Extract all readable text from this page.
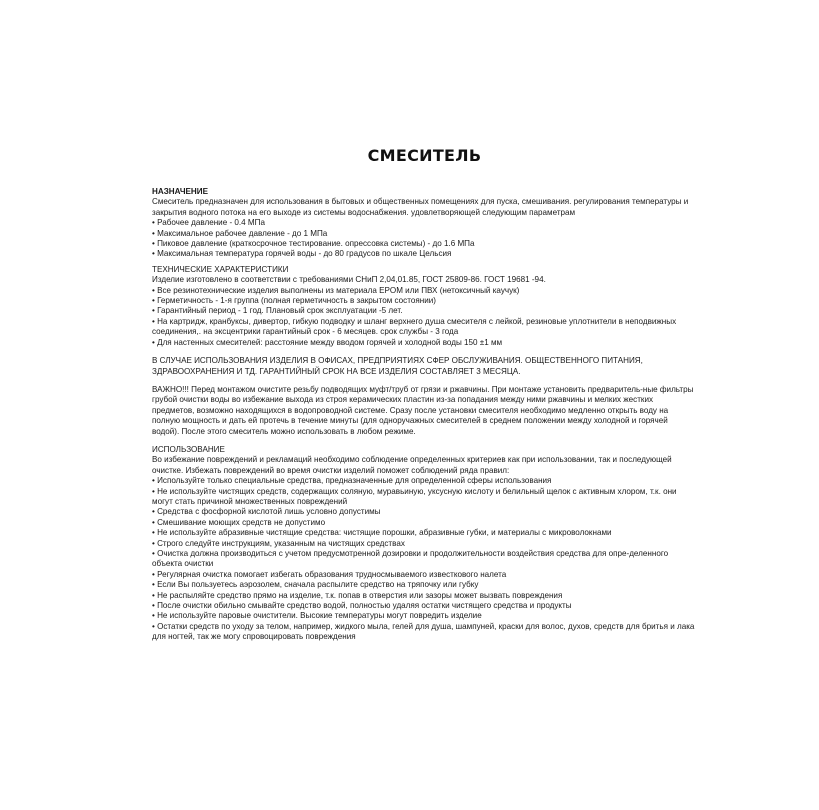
СМЕСИТЕЛЬ
НАЗНАЧЕНИЕ

Смеситель предназначен для использования в бытовых и общественных помещениях для пуска, смешивания. регулирования температуры и закрытия водного потока на его выходе из системы водоснабжения. удовлетворяющей следующим параметрам

• Рабочее давление - 0.4 МПа
• Максимальное рабочее давление - до 1 МПа
• Пиковое давление (краткосрочное тестирование. опрессовка системы) - до 1.6 МПа
• Максимальная температура горячей воды - до 80 градусов по шкале Цельсия
ТЕХНИЧЕСКИЕ ХАРАКТЕРИСТИКИ

Изделие изготовлено в соответствии с требованиями СНиП 2,04,01.85, ГОСТ 25809-86. ГОСТ 19681 -94.

• Все резинотехнические изделия выполнены из материала EPOM или ПВХ (нетоксичный каучук)
• Герметичность - 1-я группа (полная герметичность в закрытом состоянии)
• Гарантийный период - 1 год. Плановый срок эксплуатации -5 лет.
• На картридж, кранбуксы, дивертор, гибкую подводку и шланг верхнего душа смесителя с лейкой, резиновые уплотнители в неподвижных соединения,. на эксцентрики гарантийный срок - 6 месяцев. срок службы - 3 года
• Для настенных смесителей: расстояние между вводом горячей и холодной воды 150 ±1 мм

В СЛУЧАЕ ИСПОЛЬЗОВАНИЯ ИЗДЕЛИЯ В ОФИСАХ, ПРЕДПРИЯТИЯХ СФЕР ОБСЛУЖИВАНИЯ. ОБЩЕСТВЕННОГО ПИТАНИЯ, ЗДРАВООХРАНЕНИЯ И ТД. ГАРАНТИЙНЫЙ СРОК НА ВСЕ ИЗДЕЛИЯ СОСТАВЛЯЕТ 3 МЕСЯЦА.

ВАЖНО!!! Перед монтажом очистите резьбу подводящих муфт/труб от грязи и ржавчины. При монтаже установить предваритель-ные фильтры грубой очистки воды во избежание выхода из строя керамических пластин из-за попадания между ними ржавчины и мелких жестких предметов, возможно находящихся в водопроводной системе. Сразу после установки смесителя необходимо медленно открыть воду на полную мощность и дать ей протечь в течение минуты (для одноручажных смесителей в среднем положении между холодной и горячей водой). После этого смеситель можно использовать в любом режиме.

ИСПОЛЬЗОВАНИЕ

Во избежание повреждений и рекламаций необходимо соблюдение определенных критериев как при использовании, так и последующей очистке. Избежать повреждений во время очистки изделий поможет соблюдений ряда правил:

• Используйте только специальные средства, предназначенные для определенной сферы использования
• Не используйте чистящих средств, содержащих соляную, муравьиную, уксусную кислоту и белильный щелок с активным хлором, т.к. они могут стать причиной множественных повреждений
• Средства с фосфорной кислотой лишь условно допустимы
• Смешивание моющих средств не допустимо
• Не используйте абразивные чистящие средства: чистящие порошки, абразивные губки, и материалы с микроволокнами
• Строго следуйте инструкциям, указанным на чистящих средствах
• Очистка должна производиться с учетом предусмотренной дозировки и продолжительности воздействия средства для опре-деленного объекта очистки
• Регулярная очистка помогает избегать образования трудносмываемого известкового налета
• Если Вы пользуетесь аэрозолем, сначала распылите средство на тряпочку или губку
• Не распыляйте средство прямо на изделие, т.к. попав в отверстия или зазоры может вызвать повреждения
• После очистки обильно смывайте средство водой, полностью удаляя остатки чистящего средства и продукты
• Не используйте паровые очистители. Высокие температуры могут повредить изделие
• Остатки средств по уходу за телом, например, жидкого мыла, гелей для душа, шампуней, краски для волос, духов, средств для бритья и лака для ногтей, так же могу спровоцировать повреждения
